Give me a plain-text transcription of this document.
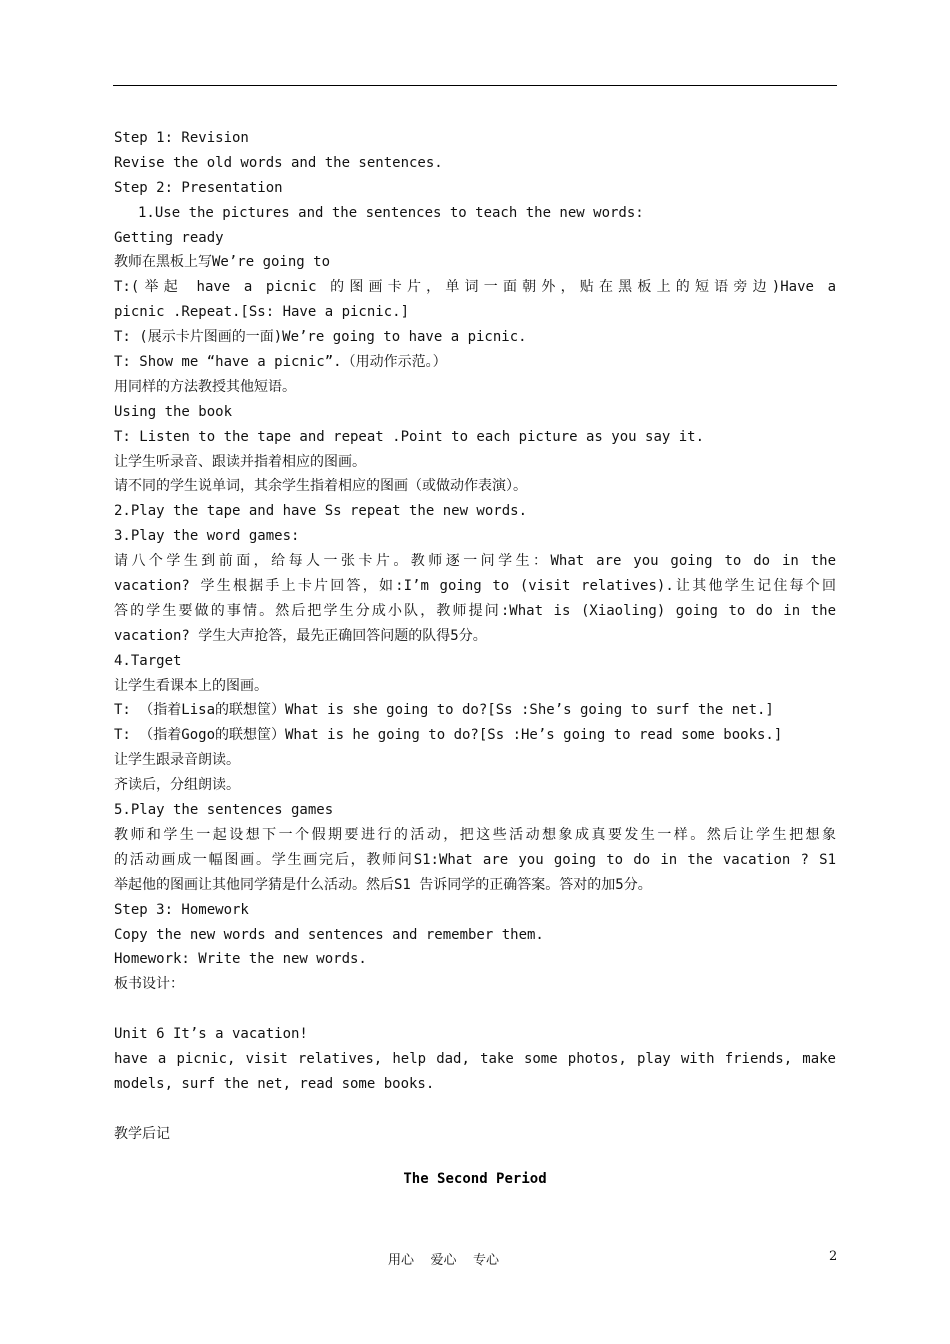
Step 1: Revision
Revise the old words and the sentences.
Step 2: Presentation
1.Use the pictures and the sentences to teach the new words:
Getting ready
教师在黑板上写We’re going to
T:(举起 have a picnic 的图画卡片，单词一面朝外，贴在黑板上的短语旁边)Have a
picnic .Repeat.[Ss: Have a picnic.]
T: (展示卡片图画的一面)We’re going to have a picnic.
T: Show me “have a picnic”.（用动作示范。）
用同样的方法教授其他短语。
Using the book
T: Listen to the tape and repeat .Point to each picture as you say it.
让学生听录音、跟读并指着相应的图画。
请不同的学生说单词，其余学生指着相应的图画（或做动作表演）。
2.Play the tape and have Ss repeat the new words.
3.Play the word games:
请八个学生到前面，给每人一张卡片。教师逐一问学生：What are you going to do in the
vacation? 学生根据手上卡片回答，如:I’m going to (visit relatives).让其他学生记住每个回
答的学生要做的事情。然后把学生分成小队，教师提问:What is (Xiaoling) going to do in the
vacation? 学生大声抢答，最先正确回答问题的队得5分。
4.Target
让学生看课本上的图画。
T: （指着Lisa的联想筐）What is she going to do?[Ss :She’s going to surf the net.]
T: （指着Gogo的联想筐）What is he going to do?[Ss :He’s going to read some books.]
让学生跟录音朗读。
齐读后，分组朗读。
5.Play the sentences games
教师和学生一起设想下一个假期要进行的活动，把这些活动想象成真要发生一样。然后让学生把想象
的活动画成一幅图画。学生画完后，教师问S1:What are you going to do in the vacation ? S1
举起他的图画让其他同学猜是什么活动。然后S1 告诉同学的正确答案。答对的加5分。
Step 3: Homework
Copy the new words and sentences and remember them.
Homework: Write the new words.
板书设计：
Unit 6 It’s a vacation!
have a picnic, visit relatives, help dad, take some photos, play with friends, make
models, surf the net, read some books.
教学后记
The Second Period
用心    爱心    专心	2
